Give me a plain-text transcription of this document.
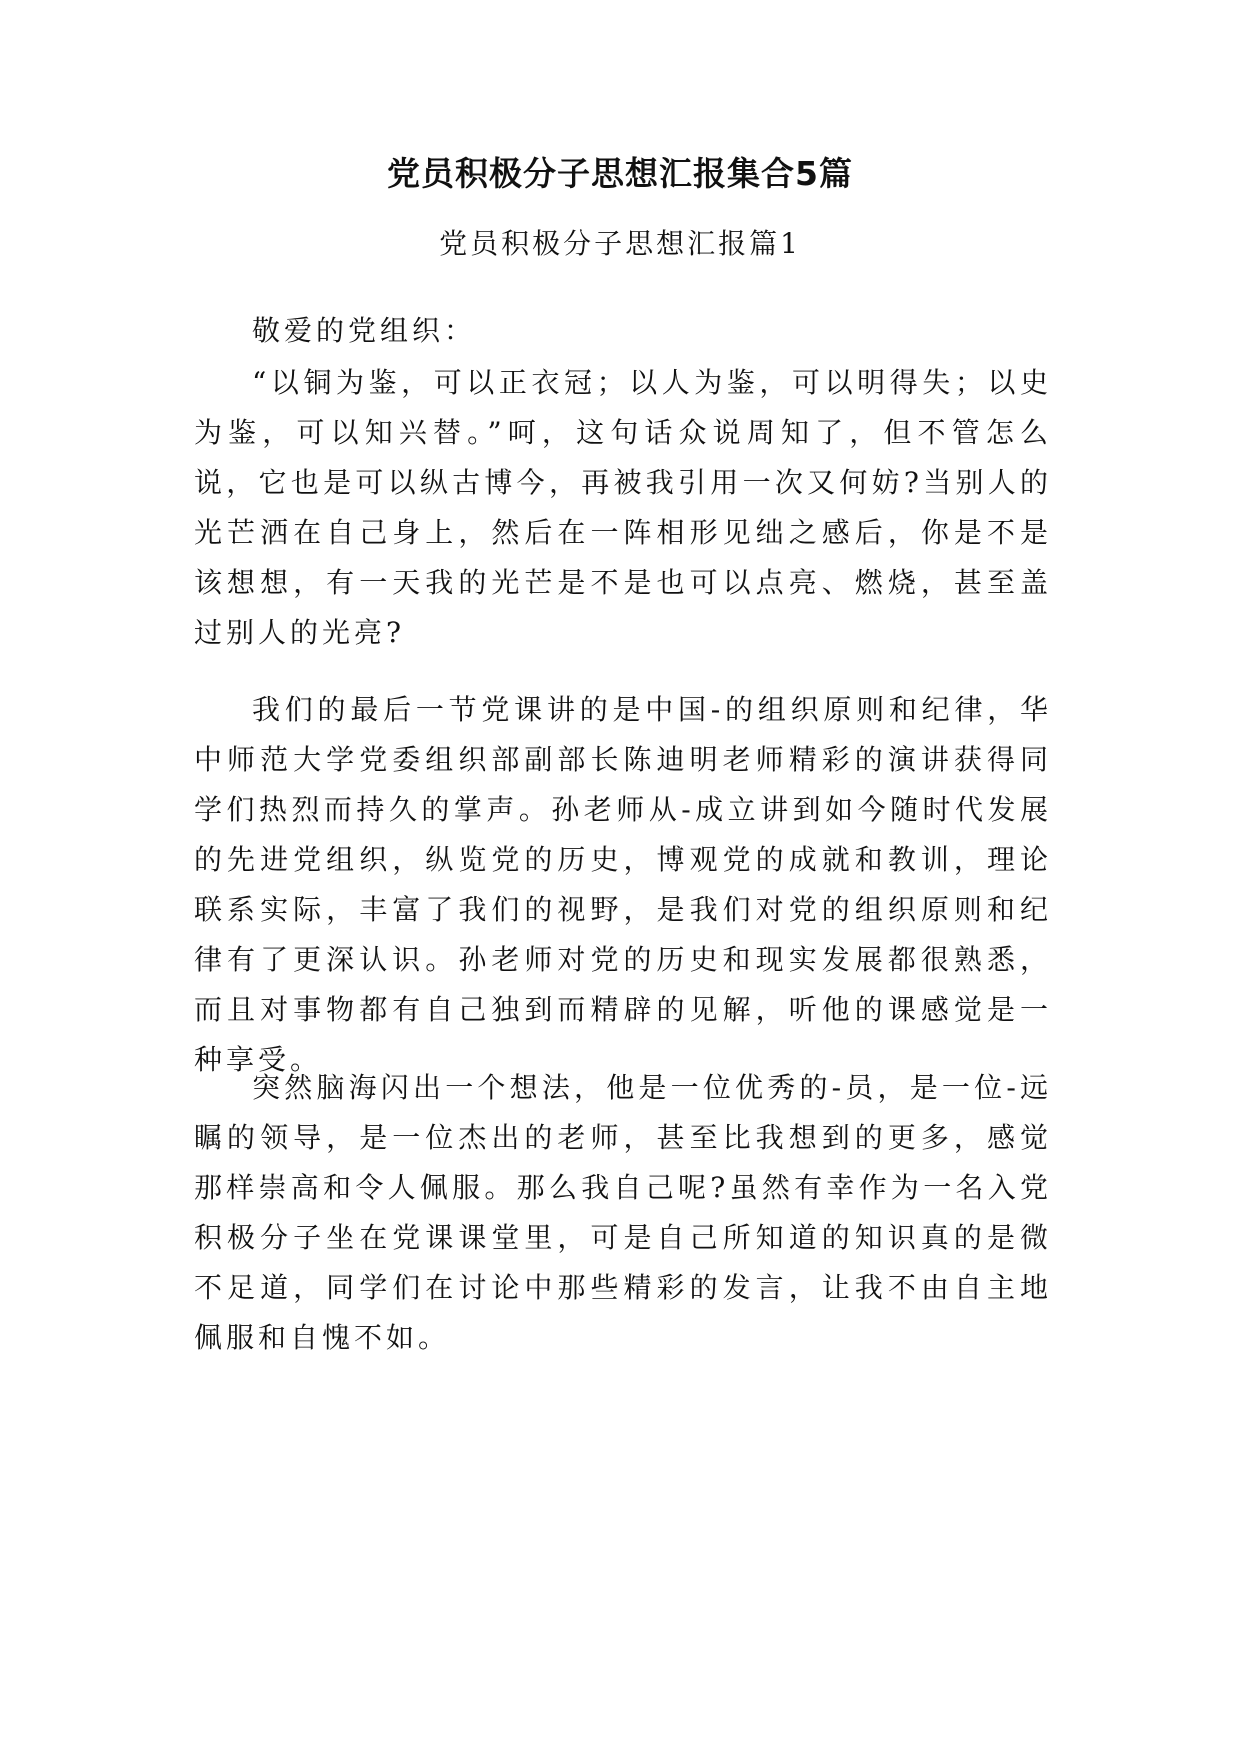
党员积极分子思想汇报集合5篇
党员积极分子思想汇报篇1
敬爱的党组织：
“以铜为鉴，可以正衣冠；以人为鉴，可以明得失；以史为鉴，可以知兴替。”呵，这句话众说周知了，但不管怎么说，它也是可以纵古博今，再被我引用一次又何妨?当别人的光芒洒在自己身上，然后在一阵相形见绌之感后，你是不是该想想，有一天我的光芒是不是也可以点亮、燃烧，甚至盖过别人的光亮?
我们的最后一节党课讲的是中国-的组织原则和纪律，华中师范大学党委组织部副部长陈迪明老师精彩的演讲获得同学们热烈而持久的掌声。孙老师从-成立讲到如今随时代发展的先进党组织，纵览党的历史，博观党的成就和教训，理论联系实际，丰富了我们的视野，是我们对党的组织原则和纪律有了更深认识。孙老师对党的历史和现实发展都很熟悉，而且对事物都有自己独到而精辟的见解，听他的课感觉是一种享受。
突然脑海闪出一个想法，他是一位优秀的-员，是一位-远瞩的领导，是一位杰出的老师，甚至比我想到的更多，感觉那样崇高和令人佩服。那么我自己呢?虽然有幸作为一名入党积极分子坐在党课课堂里，可是自己所知道的知识真的是微不足道，同学们在讨论中那些精彩的发言，让我不由自主地佩服和自愧不如。
